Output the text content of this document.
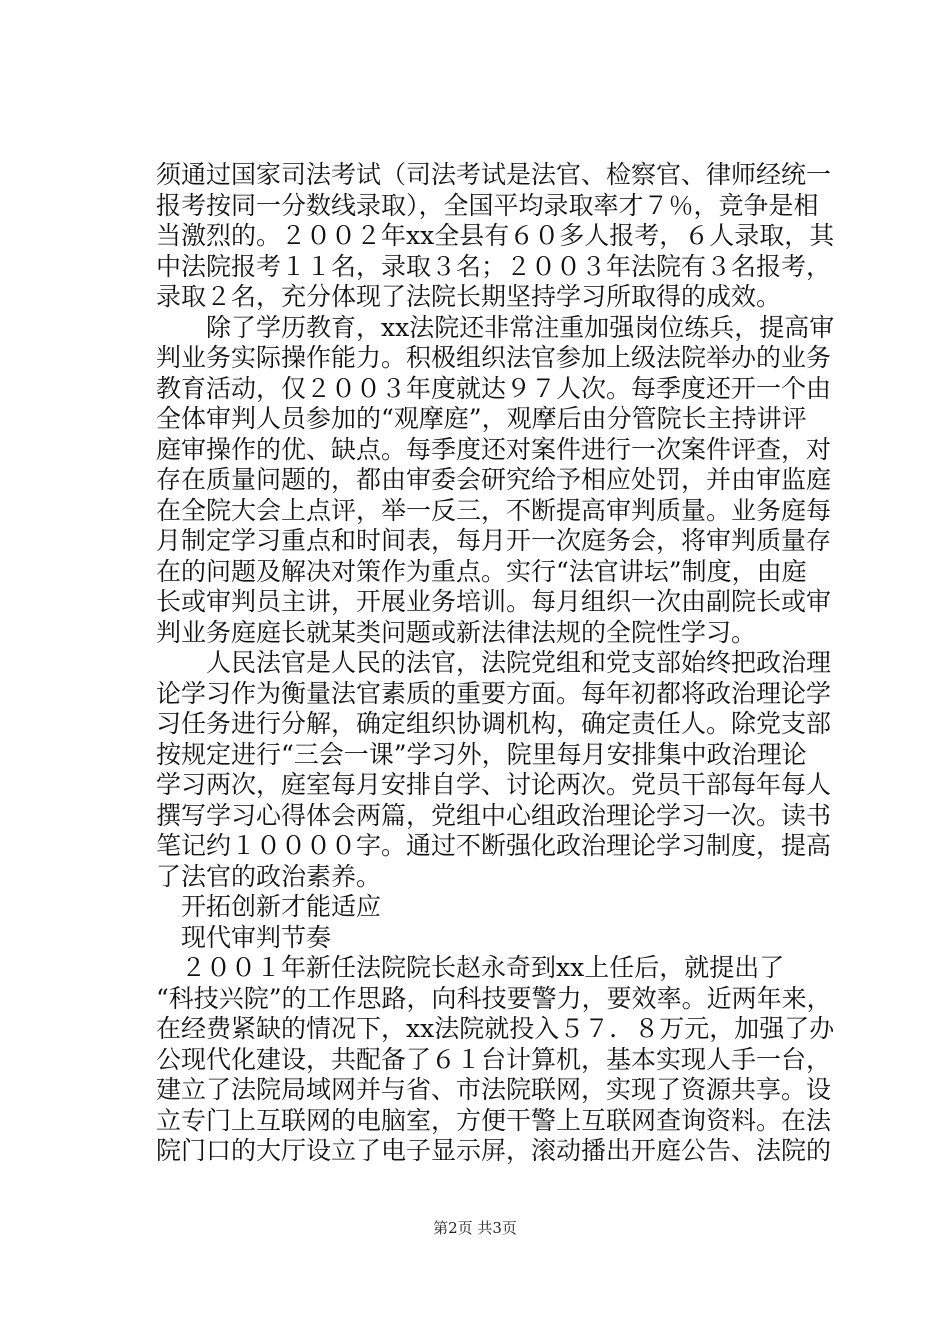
须通过国家司法考试（司法考试是法官、检察官、律师经统一
报考按同一分数线录取），全国平均录取率才７％，竞争是相
当激烈的。２００２年xx全县有６０多人报考，６人录取，其
中法院报考１１名，录取３名；２００３年法院有３名报考，
录取２名，充分体现了法院长期坚持学习所取得的成效。
　　除了学历教育，xx法院还非常注重加强岗位练兵，提高审
判业务实际操作能力。积极组织法官参加上级法院举办的业务
教育活动，仅２００３年度就达９７人次。每季度还开一个由
全体审判人员参加的“观摩庭”，观摩后由分管院长主持讲评
庭审操作的优、缺点。每季度还对案件进行一次案件评查，对
存在质量问题的，都由审委会研究给予相应处罚，并由审监庭
在全院大会上点评，举一反三，不断提高审判质量。业务庭每
月制定学习重点和时间表，每月开一次庭务会，将审判质量存
在的问题及解决对策作为重点。实行“法官讲坛”制度，由庭
长或审判员主讲，开展业务培训。每月组织一次由副院长或审
判业务庭庭长就某类问题或新法律法规的全院性学习。
　　人民法官是人民的法官，法院党组和党支部始终把政治理
论学习作为衡量法官素质的重要方面。每年初都将政治理论学
习任务进行分解，确定组织协调机构，确定责任人。除党支部
按规定进行“三会一课”学习外，院里每月安排集中政治理论
学习两次，庭室每月安排自学、讨论两次。党员干部每年每人
撰写学习心得体会两篇，党组中心组政治理论学习一次。读书
笔记约１００００字。通过不断强化政治理论学习制度，提高
了法官的政治素养。
　开拓创新才能适应
　现代审判节奏
　２００１年新任法院院长赵永奇到xx上任后，就提出了
“科技兴院”的工作思路，向科技要警力，要效率。近两年来，
在经费紧缺的情况下，xx法院就投入５７．８万元，加强了办
公现代化建设，共配备了６１台计算机，基本实现人手一台，
建立了法院局域网并与省、市法院联网，实现了资源共享。设
立专门上互联网的电脑室，方便干警上互联网查询资料。在法
院门口的大厅设立了电子显示屏，滚动播出开庭公告、法院的
第2页 共3页
